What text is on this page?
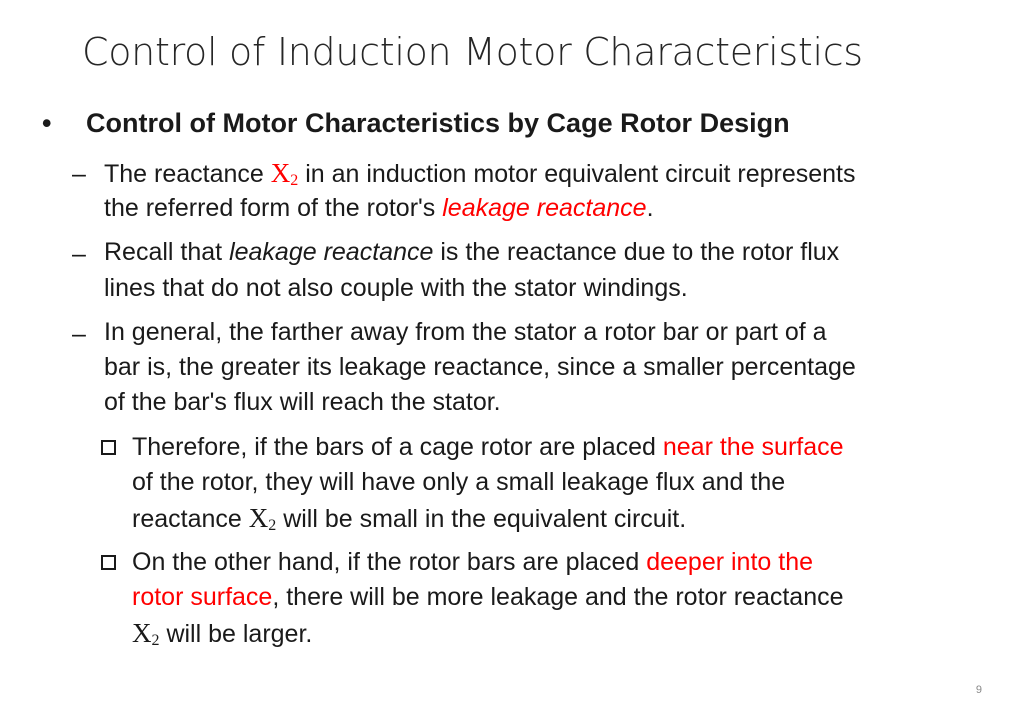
Control of Induction Motor Characteristics
• Control of Motor Characteristics by Cage Rotor Design
– The reactance $X_2$ in an induction motor equivalent circuit represents
the referred form of the rotor's leakage reactance.
– Recall that leakage reactance is the reactance due to the rotor flux
lines that do not also couple with the stator windings.
– In general, the farther away from the stator a rotor bar or part of a
bar is, the greater its leakage reactance, since a smaller percentage
of the bar's flux will reach the stator.
Therefore, if the bars of a cage rotor are placed near the surface
of the rotor, they will have only a small leakage flux and the
reactance $X_2$ will be small in the equivalent circuit.
On the other hand, if the rotor bars are placed deeper into the
rotor surface, there will be more leakage and the rotor reactance
$X_2$ will be larger.
9
